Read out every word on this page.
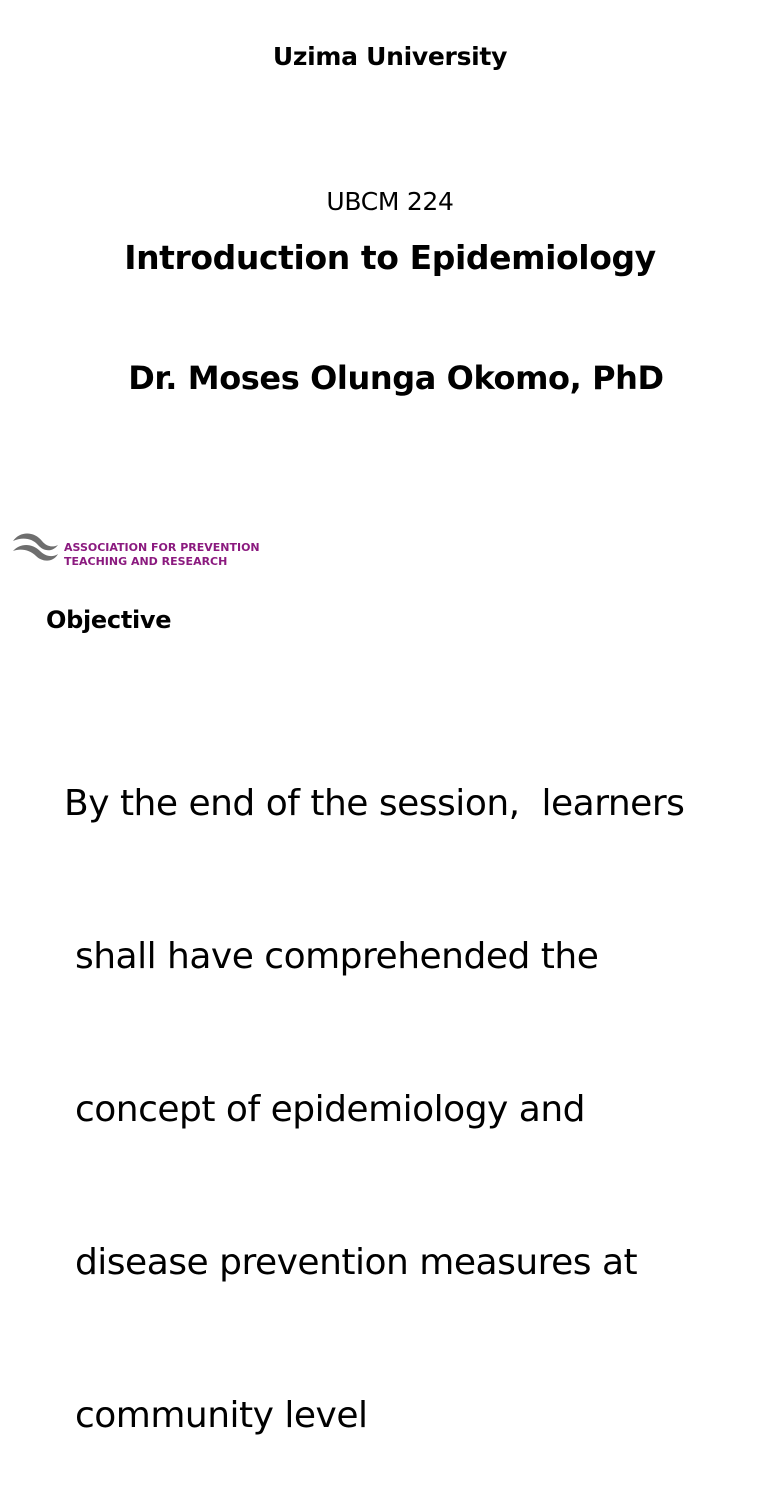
Uzima University
UBCM 224
Introduction to Epidemiology
Dr. Moses Olunga Okomo, PhD
ASSOCIATION FOR PREVENTION
TEACHING AND RESEARCH
Objective

By the end of the session,  learners

shall have comprehended the

concept of epidemiology and

disease prevention measures at

community level
